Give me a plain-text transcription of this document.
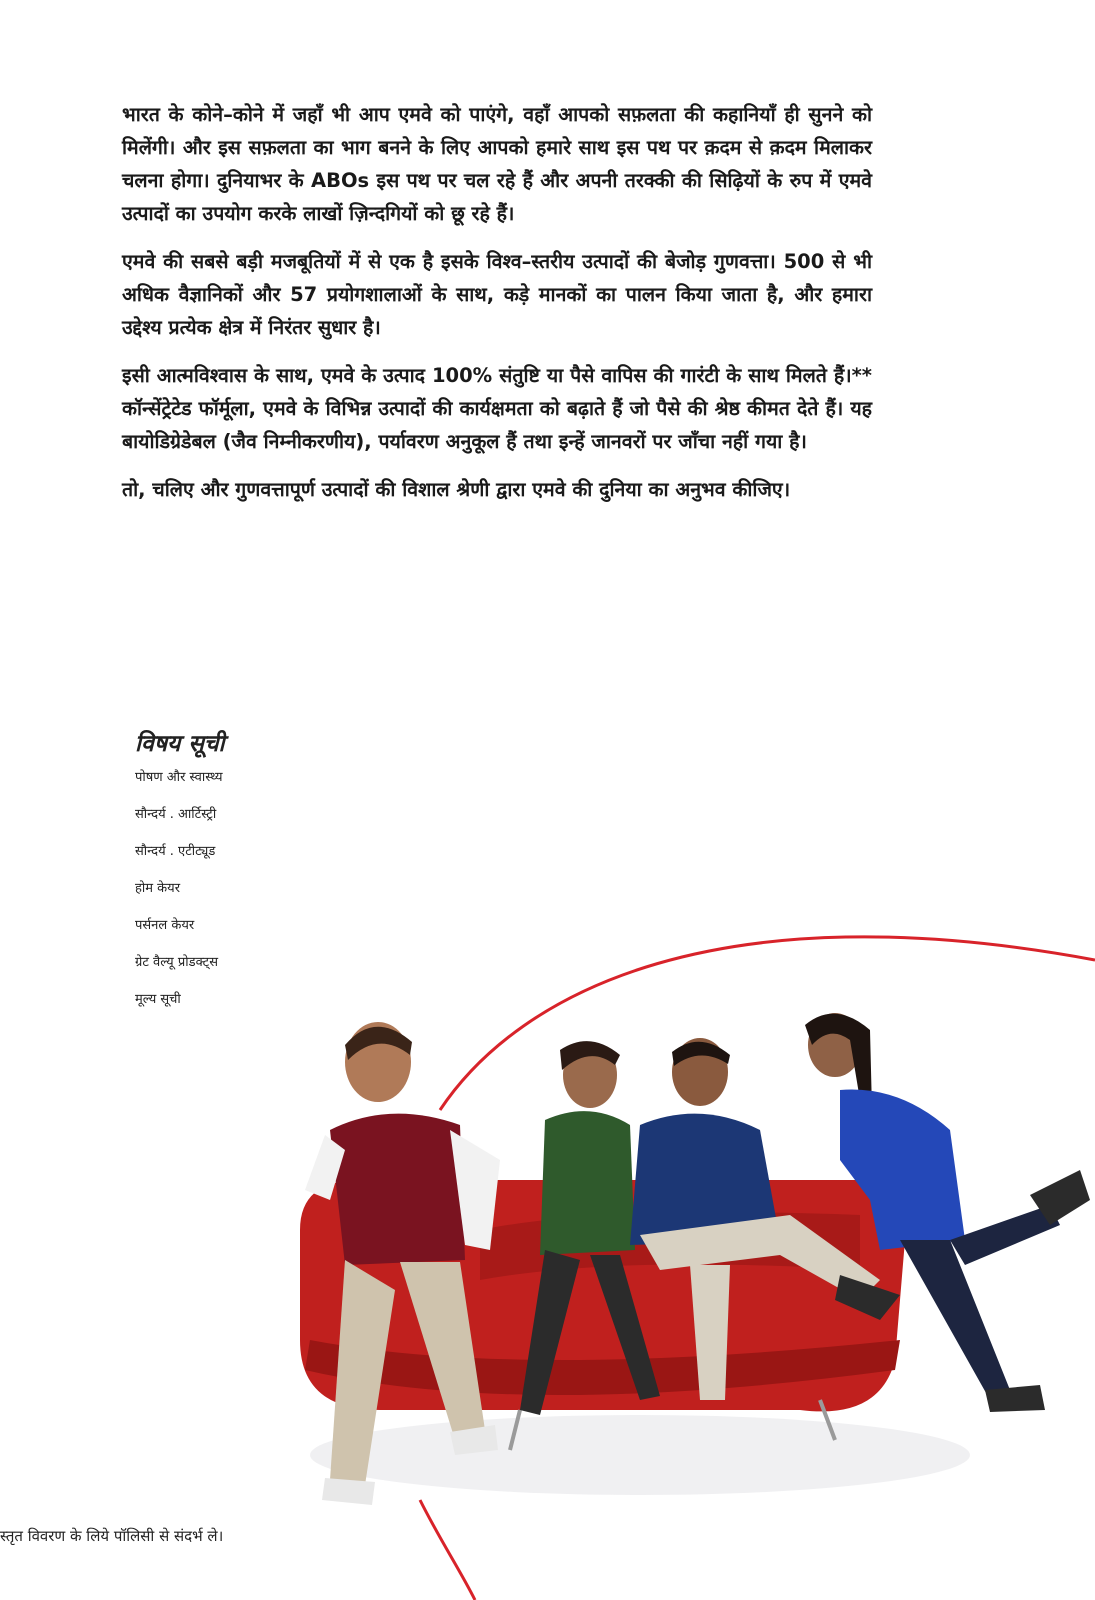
भारत के कोने–कोने में जहाँ भी आप एमवे को पाएंगे, वहाँ आपको सफ़लता की कहानियाँ ही सुनने को मिलेंगी। और इस सफ़लता का भाग बनने के लिए आपको हमारे साथ इस पथ पर क़दम से क़दम मिलाकर चलना होगा। दुनियाभर के ABOs इस पथ पर चल रहे हैं और अपनी तरक्की की सिढ़ियों के रुप में एमवे उत्पादों का उपयोग करके लाखों ज़िन्दगियों को छू रहे हैं।

एमवे की सबसे बड़ी मजबूतियों में से एक है इसके विश्व–स्तरीय उत्पादों की बेजोड़ गुणवत्ता। 500 से भी अधिक वैज्ञानिकों और 57 प्रयोगशालाओं के साथ, कड़े मानकों का पालन किया जाता है, और हमारा उद्देश्य प्रत्येक क्षेत्र में निरंतर सुधार है।

इसी आत्मविश्वास के साथ, एमवे के उत्पाद 100% संतुष्टि या पैसे वापिस की गारंटी के साथ मिलते हैं।** कॉन्सेंट्रेटेड फॉर्मूला, एमवे के विभिन्न उत्पादों की कार्यक्षमता को बढ़ाते हैं जो पैसे की श्रेष्ठ कीमत देते हैं। यह बायोडिग्रेडेबल (जैव निम्नीकरणीय), पर्यावरण अनुकूल हैं तथा इन्हें जानवरों पर जाँचा नहीं गया है।

तो, चलिए और गुणवत्तापूर्ण उत्पादों की विशाल श्रेणी द्वारा एमवे की दुनिया का अनुभव कीजिए।

विषय सूची
पोषण और स्वास्थ्य
सौन्दर्य . आर्टिस्ट्री
सौन्दर्य . एटीट्यूड
होम केयर
पर्सनल केयर
ग्रेट वैल्यू प्रोडक्ट्स
मूल्य सूची
स्तृत विवरण के लिये पॉलिसी से संदर्भ ले।
